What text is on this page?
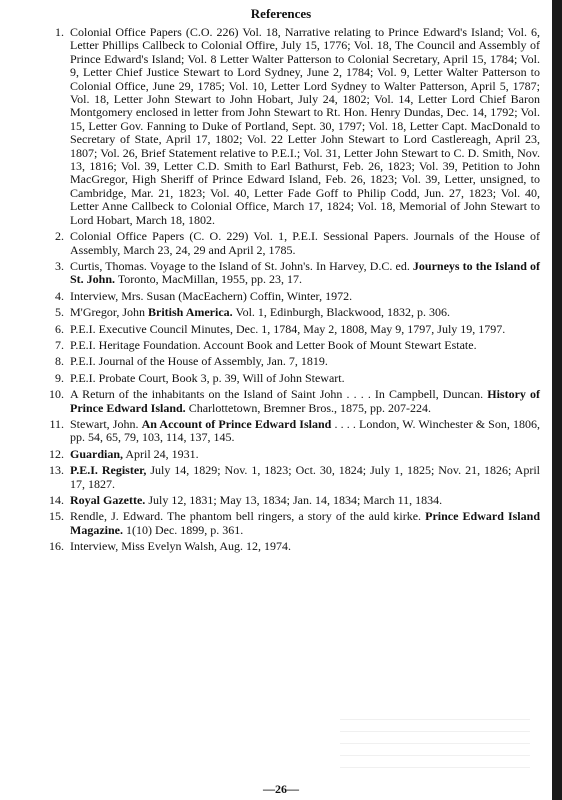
References
1. Colonial Office Papers (C.O. 226) Vol. 18, Narrative relating to Prince Edward's Island; Vol. 6, Letter Phillips Callbeck to Colonial Offire, July 15, 1776; Vol. 18, The Council and Assembly of Prince Edward's Island; Vol. 8 Letter Walter Patterson to Colonial Secretary, April 15, 1784; Vol. 9, Letter Chief Justice Stewart to Lord Sydney, June 2, 1784; Vol. 9, Letter Walter Patterson to Colonial Office, June 29, 1785; Vol. 10, Letter Lord Sydney to Walter Patterson, April 5, 1787; Vol. 18, Letter John Stewart to John Hobart, July 24, 1802; Vol. 14, Letter Lord Chief Baron Montgomery enclosed in letter from John Stewart to Rt. Hon. Henry Dundas, Dec. 14, 1792; Vol. 15, Letter Gov. Fanning to Duke of Portland, Sept. 30, 1797; Vol. 18, Letter Capt. MacDonald to Secretary of State, April 17, 1802; Vol. 22 Letter John Stewart to Lord Castlereagh, April 23, 1807; Vol. 26, Brief Statement relative to P.E.I.; Vol. 31, Letter John Stewart to C. D. Smith, Nov. 13, 1816; Vol. 39, Letter C.D. Smith to Earl Bathurst, Feb. 26, 1823; Vol. 39, Petition to John MacGregor, High Sheriff of Prince Edward Island, Feb. 26, 1823; Vol. 39, Letter, unsigned, to Cambridge, Mar. 21, 1823; Vol. 40, Letter Fade Goff to Philip Codd, Jun. 27, 1823; Vol. 40, Letter Anne Callbeck to Colonial Office, March 17, 1824; Vol. 18, Memorial of John Stewart to Lord Hobart, March 18, 1802.
2. Colonial Office Papers (C. O. 229) Vol. 1, P.E.I. Sessional Papers. Journals of the House of Assembly, March 23, 24, 29 and April 2, 1785.
3. Curtis, Thomas. Voyage to the Island of St. John's. In Harvey, D.C. ed. Journeys to the Island of St. John. Toronto, MacMillan, 1955, pp. 23, 17.
4. Interview, Mrs. Susan (MacEachern) Coffin, Winter, 1972.
5. M'Gregor, John British America. Vol. 1, Edinburgh, Blackwood, 1832, p. 306.
6. P.E.I. Executive Council Minutes, Dec. 1, 1784, May 2, 1808, May 9, 1797, July 19, 1797.
7. P.E.I. Heritage Foundation. Account Book and Letter Book of Mount Stewart Estate.
8. P.E.I. Journal of the House of Assembly, Jan. 7, 1819.
9. P.E.I. Probate Court, Book 3, p. 39, Will of John Stewart.
10. A Return of the inhabitants on the Island of Saint John . . . . In Campbell, Duncan. History of Prince Edward Island. Charlottetown, Bremner Bros., 1875, pp. 207-224.
11. Stewart, John. An Account of Prince Edward Island . . . . London, W. Winchester & Son, 1806, pp. 54, 65, 79, 103, 114, 137, 145.
12. Guardian, April 24, 1931.
13. P.E.I. Register, July 14, 1829; Nov. 1, 1823; Oct. 30, 1824; July 1, 1825; Nov. 21, 1826; April 17, 1827.
14. Royal Gazette. July 12, 1831; May 13, 1834; Jan. 14, 1834; March 11, 1834.
15. Rendle, J. Edward. The phantom bell ringers, a story of the auld kirke. Prince Edward Island Magazine. 1(10) Dec. 1899, p. 361.
16. Interview, Miss Evelyn Walsh, Aug. 12, 1974.
—26—
